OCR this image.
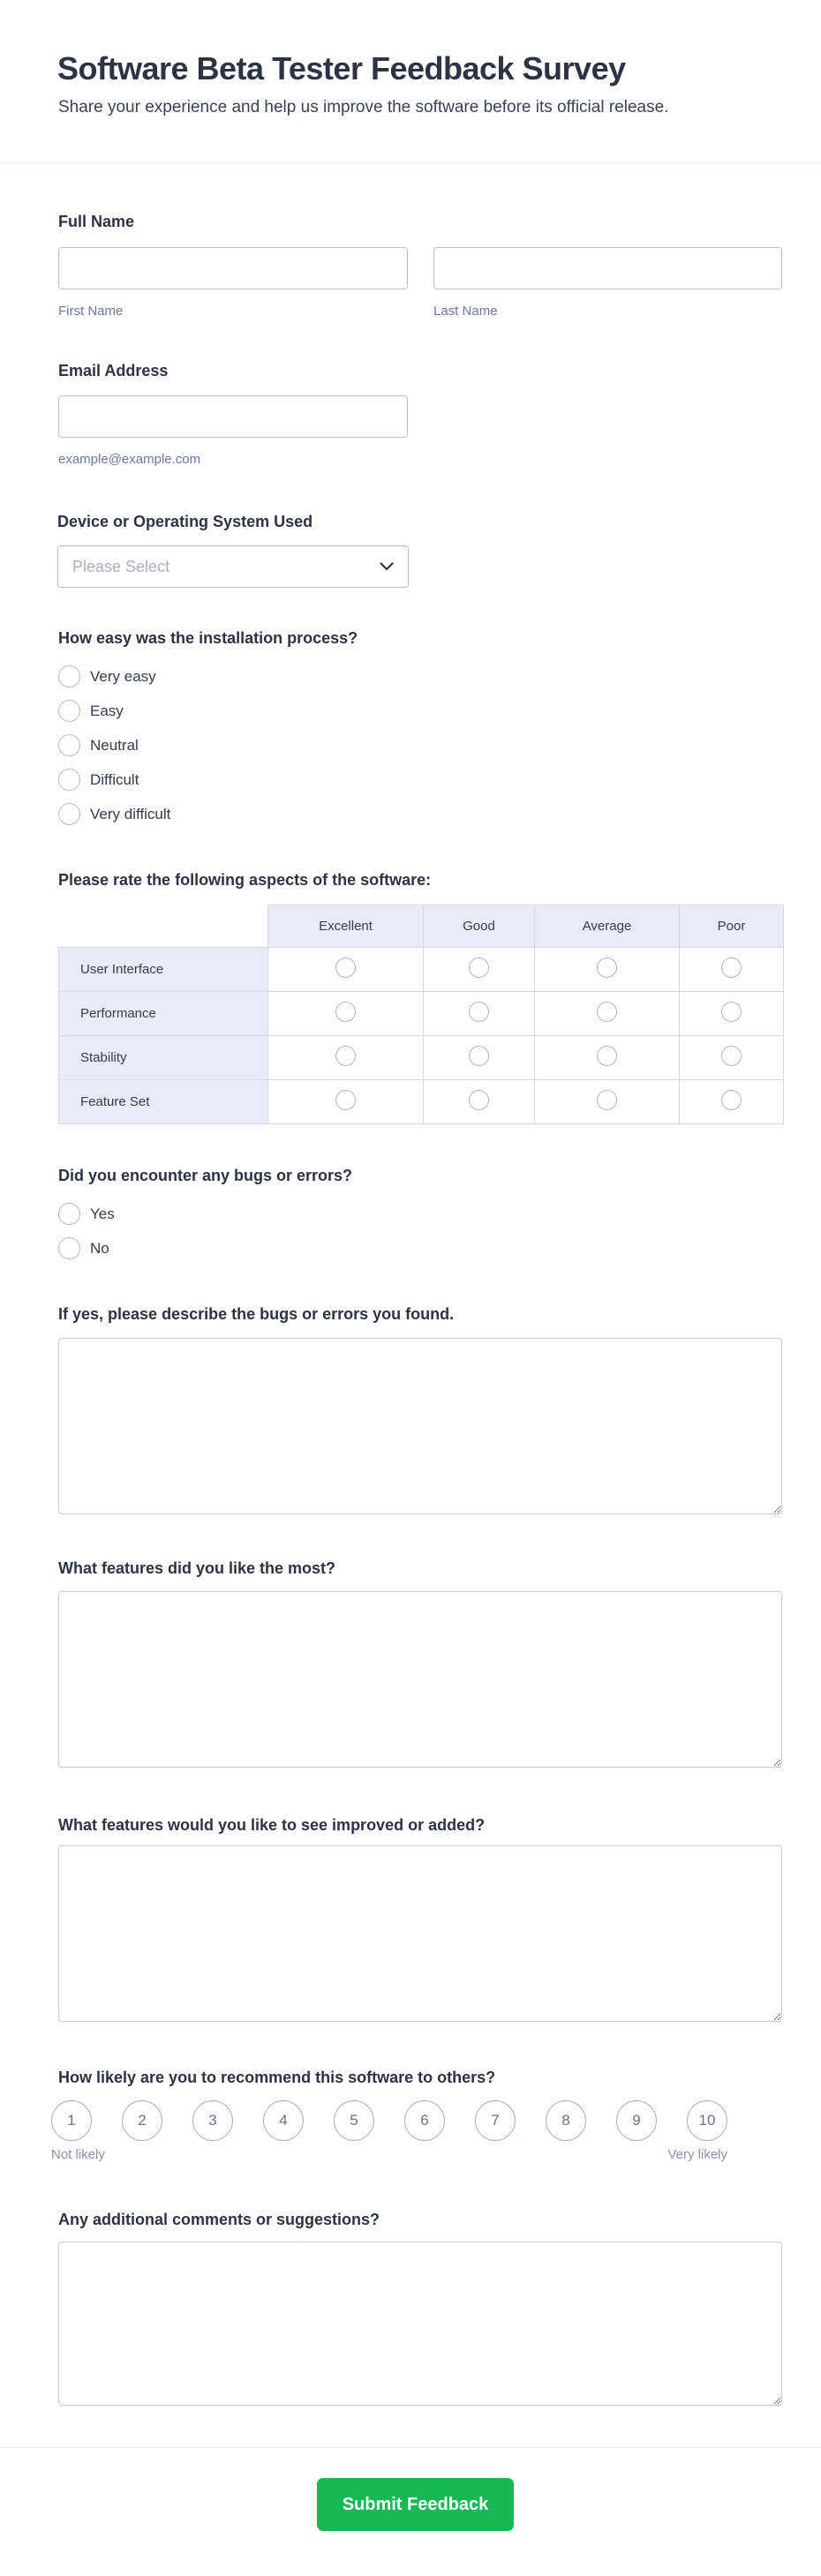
Software Beta Tester Feedback Survey
Share your experience and help us improve the software before its official release.
Full Name
First Name	Last Name
Email Address
example@example.com
Device or Operating System Used
Please Select
How easy was the installation process?
Very easy
Easy
Neutral
Difficult
Very difficult
Please rate the following aspects of the software:
	Excellent	Good	Average	Poor
User Interface				
Performance				
Stability				
Feature Set				
Did you encounter any bugs or errors?
Yes
No
If yes, please describe the bugs or errors you found.
What features did you like the most?
What features would you like to see improved or added?
How likely are you to recommend this software to others?
1	2	3	4	5	6	7	8	9	10
Not likely	Very likely
Any additional comments or suggestions?
Submit Feedback
